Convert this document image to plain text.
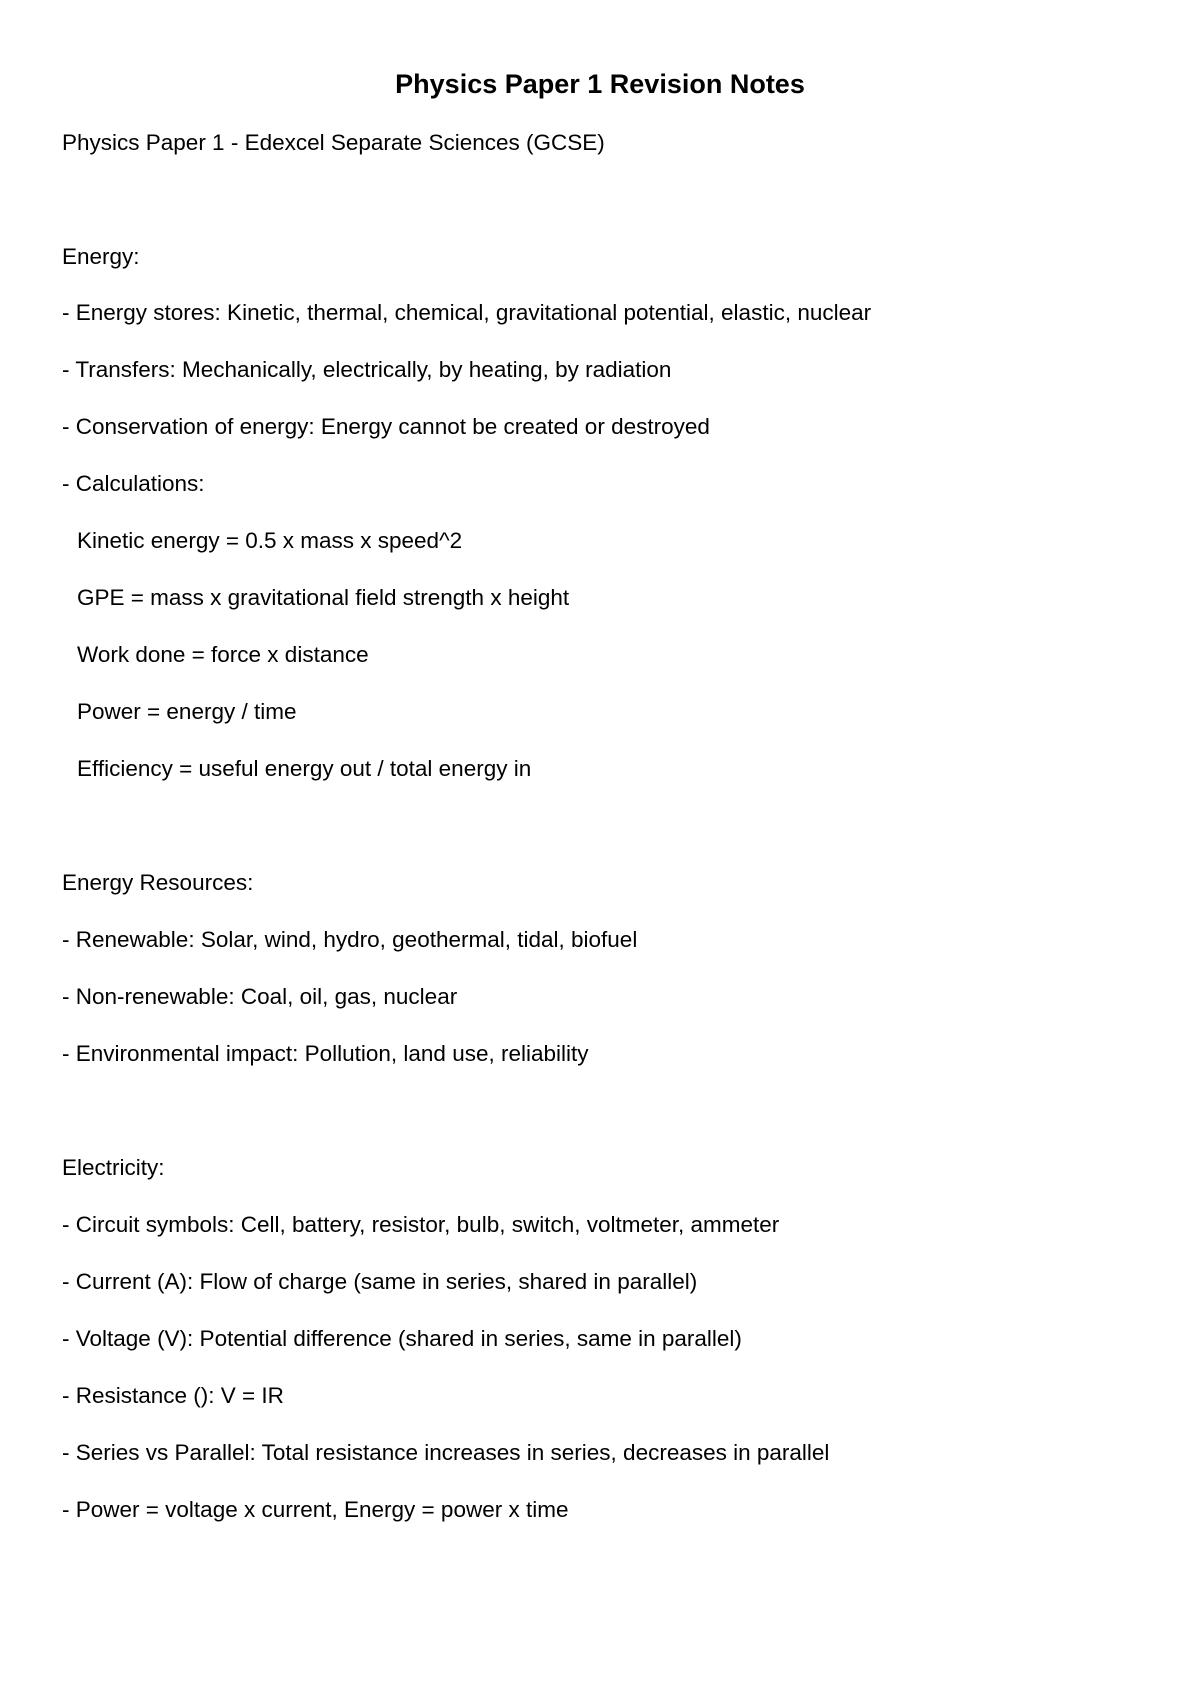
Physics Paper 1 Revision Notes
Physics Paper 1 - Edexcel Separate Sciences (GCSE)
Energy:
- Energy stores: Kinetic, thermal, chemical, gravitational potential, elastic, nuclear
- Transfers: Mechanically, electrically, by heating, by radiation
- Conservation of energy: Energy cannot be created or destroyed
- Calculations:
Kinetic energy = 0.5 x mass x speed^2
GPE = mass x gravitational field strength x height
Work done = force x distance
Power = energy / time
Efficiency = useful energy out / total energy in
Energy Resources:
- Renewable: Solar, wind, hydro, geothermal, tidal, biofuel
- Non-renewable: Coal, oil, gas, nuclear
- Environmental impact: Pollution, land use, reliability
Electricity:
- Circuit symbols: Cell, battery, resistor, bulb, switch, voltmeter, ammeter
- Current (A): Flow of charge (same in series, shared in parallel)
- Voltage (V): Potential difference (shared in series, same in parallel)
- Resistance (): V = IR
- Series vs Parallel: Total resistance increases in series, decreases in parallel
- Power = voltage x current, Energy = power x time
